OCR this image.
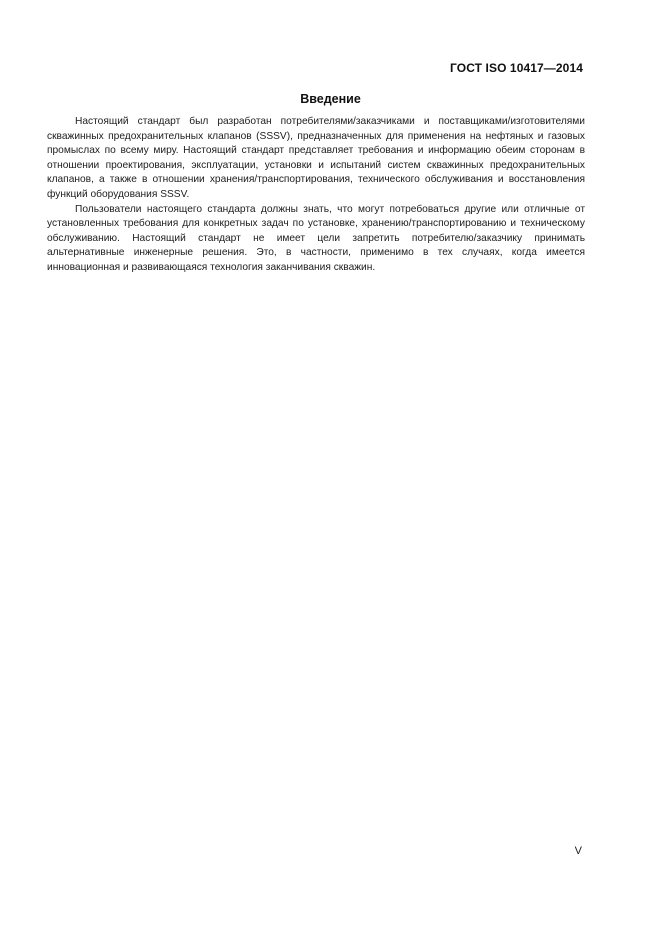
ГОСТ ISO 10417—2014
Введение

Настоящий стандарт был разработан потребителями/заказчиками и поставщиками/изготовителями скважинных предохранительных клапанов (SSSV), предназначенных для применения на нефтяных и газовых промыслах по всему миру. Настоящий стандарт представляет требования и информацию обеим сторонам в отношении проектирования, эксплуатации, установки и испытаний систем скважинных предохранительных клапанов, а также в отношении хранения/транспортирования, технического обслуживания и восстановления функций оборудования SSSV.

Пользователи настоящего стандарта должны знать, что могут потребоваться другие или отличные от установленных требования для конкретных задач по установке, хранению/транспортированию и техническому обслуживанию. Настоящий стандарт не имеет цели запретить потребителю/заказчику принимать альтернативные инженерные решения. Это, в частности, применимо в тех случаях, когда имеется инновационная и развивающаяся технология заканчивания скважин.

V
